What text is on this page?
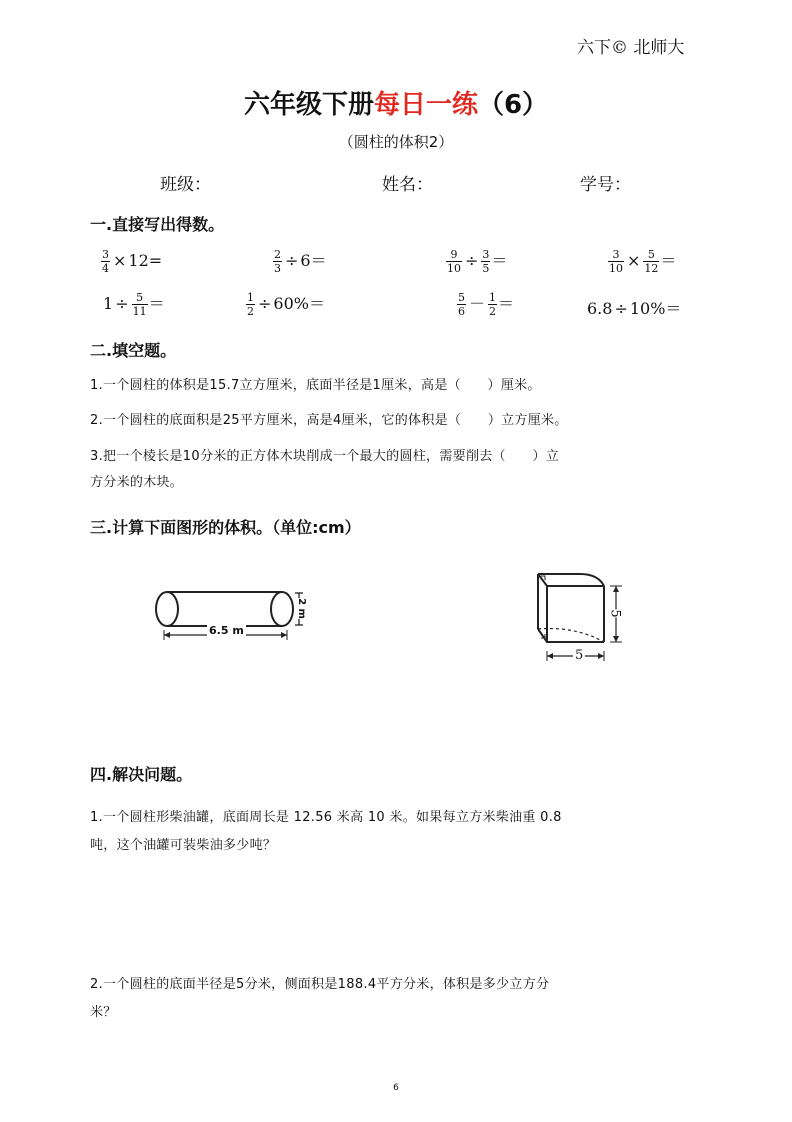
六下© 北师大
六年级下册每日一练（6）
（圆柱的体积2）
班级：	姓名：	学号：
一.直接写出得数。
$\frac{3}{4} \times 12=$	$\frac{2}{3} \div 6=$	$\frac{9}{10} \div \frac{3}{5}$ ＝	$\frac{3}{10} \times \frac{5}{12}$ ＝
$1 \div \frac{5}{11}$ ＝	$\frac{1}{2} \div 60\%=$	$\frac{5}{6} - \frac{1}{2}$ ＝	6.8 ÷ 10%＝
二.填空题。
1.一个圆柱的体积是15.7立方厘米，底面半径是1厘米，高是（　　）厘米。
2.一个圆柱的底面积是25平方厘米，高是4厘米，它的体积是（　　）立方厘米。
3.把一个棱长是10分米的正方体木块削成一个最大的圆柱，需要削去（　　）立
方分米的木块。
三.计算下面图形的体积。（单位:cm）
6.5 m
2 m
5
5
四.解决问题。
1.一个圆柱形柴油罐，底面周长是 12.56 米高 10 米。如果每立方米柴油重 0.8
吨，这个油罐可装柴油多少吨？
2.一个圆柱的底面半径是5分米，侧面积是188.4平方分米，体积是多少立方分
米？
6
